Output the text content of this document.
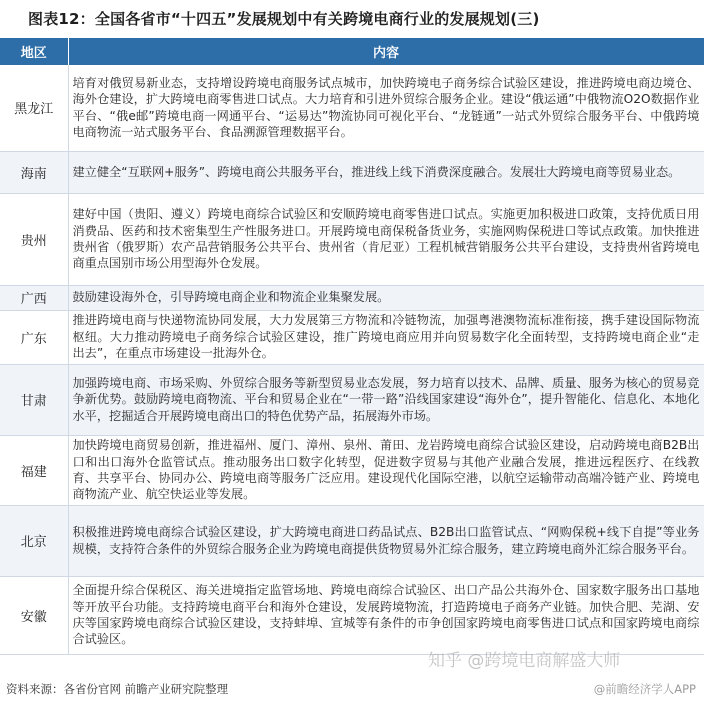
图表12：全国各省市“十四五”发展规划中有关跨境电商行业的发展规划(三)
地区	内容
黑龙江	培育对俄贸易新业态，支持增设跨境电商服务试点城市，加快跨境电子商务综合试验区建设，推进跨境电商边境仓、海外仓建设，扩大跨境电商零售进口试点。大力培育和引进外贸综合服务企业。建设“俄运通”中俄物流O2O数据作业平台、“俄e邮”跨境电商一网通平台、“运易达”物流协同可视化平台、“龙链通”一站式外贸综合服务平台、中俄跨境电商物流一站式服务平台、食品溯源管理数据平台。
海南	建立健全“互联网+服务”、跨境电商公共服务平台，推进线上线下消费深度融合。发展壮大跨境电商等贸易业态。
贵州	建好中国（贵阳、遵义）跨境电商综合试验区和安顺跨境电商零售进口试点。实施更加积极进口政策，支持优质日用消费品、医药和技术密集型生产性服务进口。开展跨境电商保税备货业务，实施网购保税进口等试点政策。加快推进贵州省（俄罗斯）农产品营销服务公共平台、贵州省（肯尼亚）工程机械营销服务公共平台建设，支持贵州省跨境电商重点国别市场公用型海外仓发展。
广西	鼓励建设海外仓，引导跨境电商企业和物流企业集聚发展。
广东	推进跨境电商与快递物流协同发展，大力发展第三方物流和冷链物流，加强粤港澳物流标准衔接，携手建设国际物流枢纽。大力推动跨境电子商务综合试验区建设，推广跨境电商应用并向贸易数字化全面转型，支持跨境电商企业“走出去”，在重点市场建设一批海外仓。
甘肃	加强跨境电商、市场采购、外贸综合服务等新型贸易业态发展，努力培育以技术、品牌、质量、服务为核心的贸易竞争新优势。鼓励跨境电商物流、平台和贸易企业在“一带一路”沿线国家建设“海外仓”，提升智能化、信息化、本地化水平，挖掘适合开展跨境电商出口的特色优势产品，拓展海外市场。
福建	加快跨境电商贸易创新，推进福州、厦门、漳州、泉州、莆田、龙岩跨境电商综合试验区建设，启动跨境电商B2B出口和出口海外仓监管试点。推动服务出口数字化转型，促进数字贸易与其他产业融合发展，推进远程医疗、在线教育、共享平台、协同办公、跨境电商等服务广泛应用。建设现代化国际空港，以航空运输带动高端冷链产业、跨境电商物流产业、航空快运业等发展。
北京	积极推进跨境电商综合试验区建设，扩大跨境电商进口药品试点、B2B出口监管试点、“网购保税+线下自提”等业务规模，支持符合条件的外贸综合服务企业为跨境电商提供货物贸易外汇综合服务，建立跨境电商外汇综合服务平台。
安徽	全面提升综合保税区、海关进境指定监管场地、跨境电商综合试验区、出口产品公共海外仓、国家数字服务出口基地等开放平台功能。支持跨境电商平台和海外仓建设，发展跨境物流，打造跨境电子商务产业链。加快合肥、芜湖、安庆等国家跨境电商综合试验区建设，支持蚌埠、宣城等有条件的市争创国家跨境电商零售进口试点和国家跨境电商综合试验区。
知乎 @跨境电商解盛大师
资料来源：各省份官网 前瞻产业研究院整理	@前瞻经济学人APP
